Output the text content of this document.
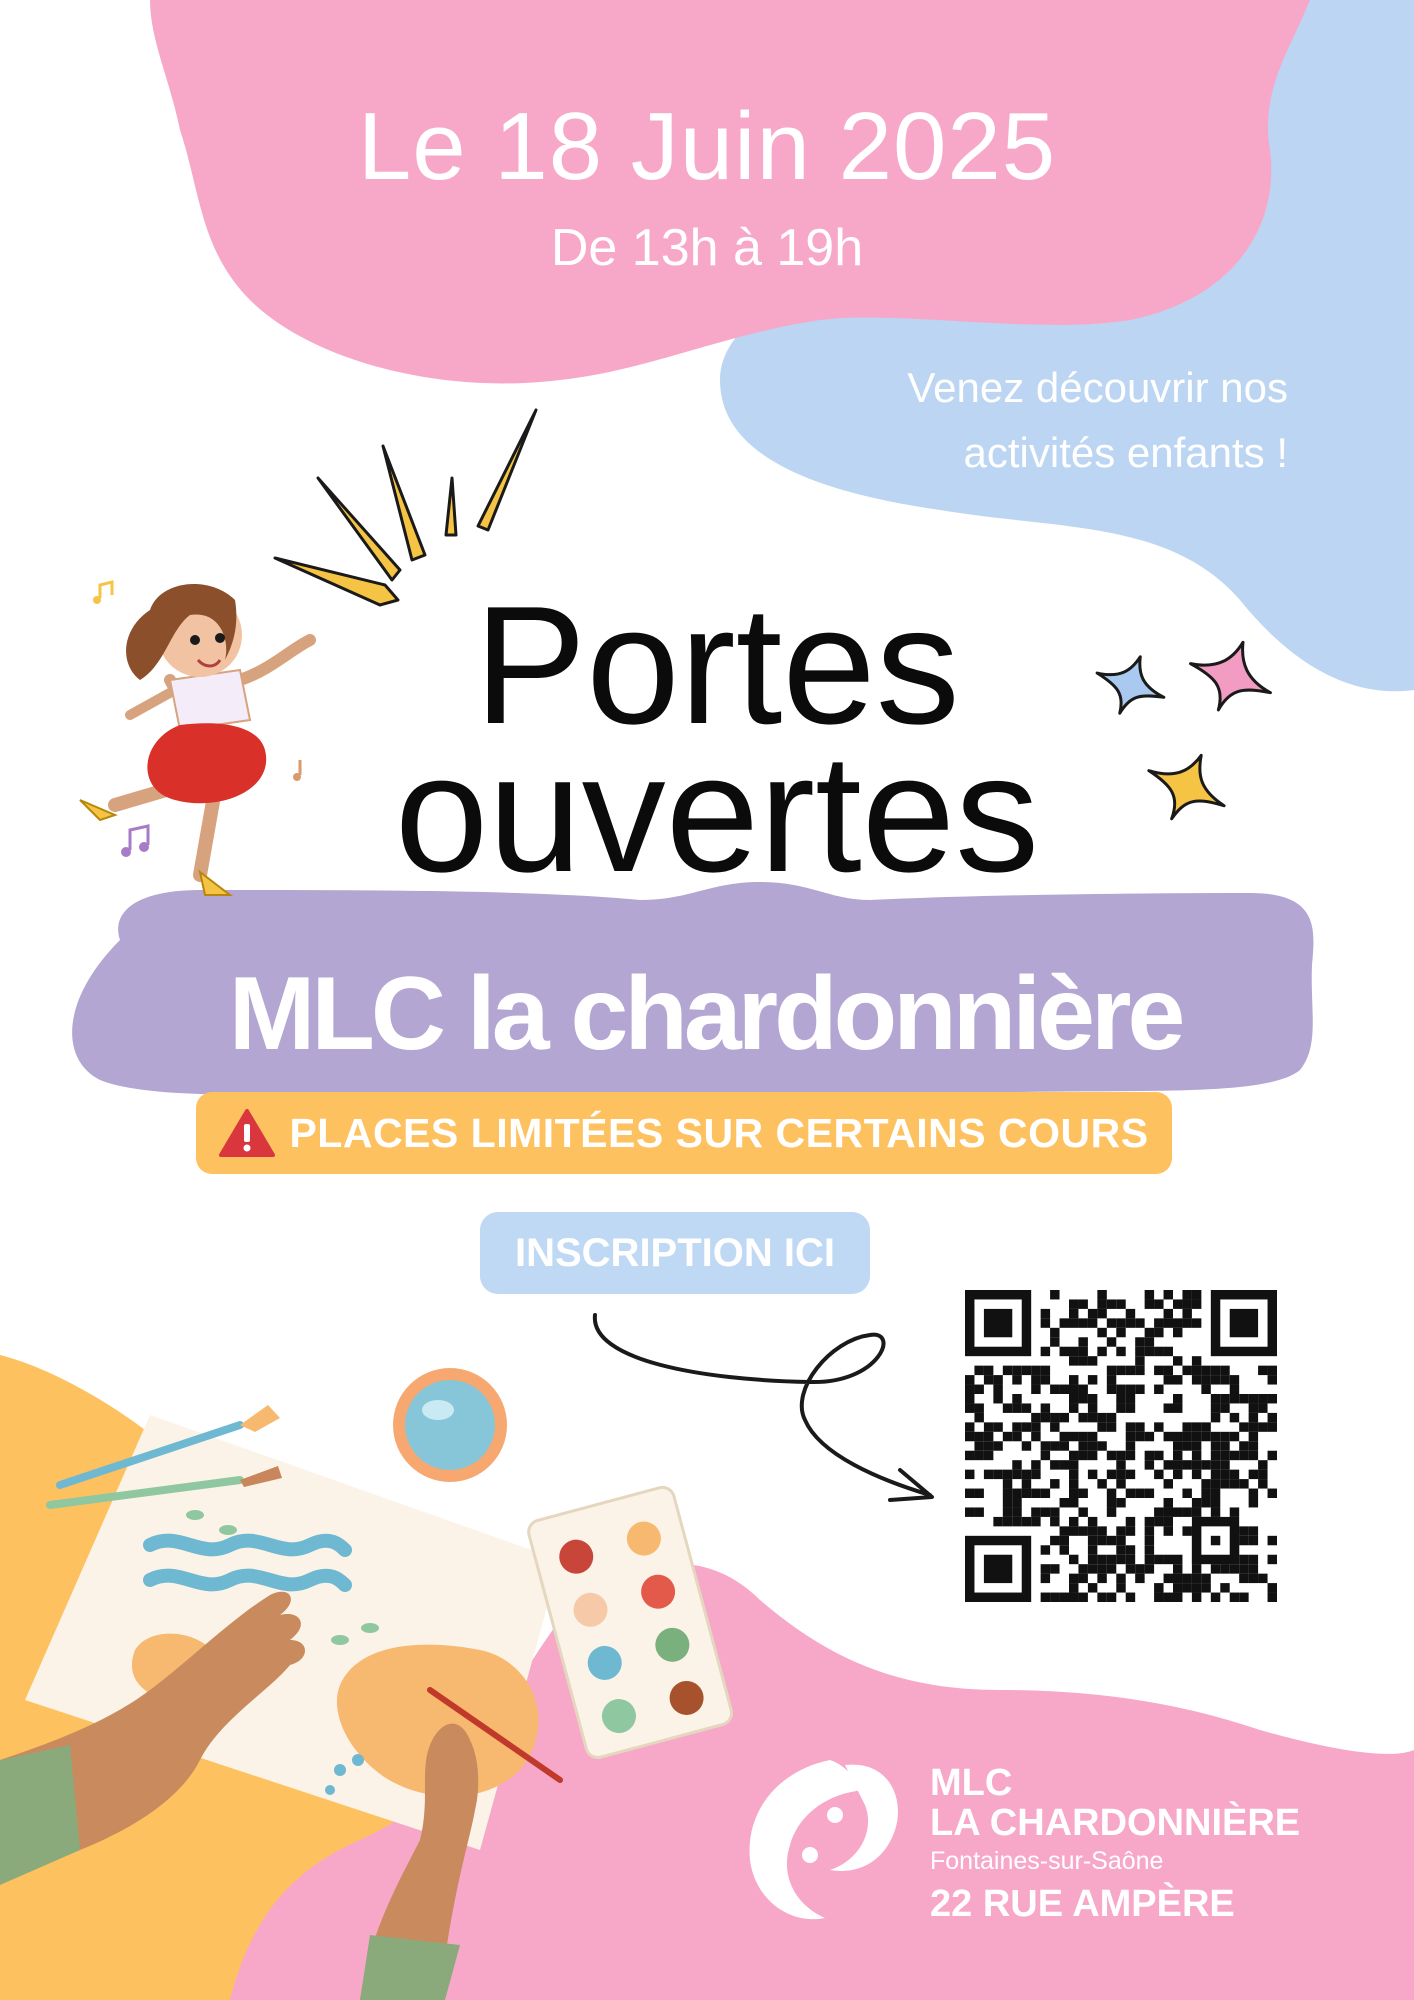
Le 18 Juin 2025

De 13h à 19h

Venez découvrir nos
activités enfants !
Portes
ouvertes

MLC la chardonnière

PLACES LIMITÉES SUR CERTAINS COURS
INSCRIPTION ICI
MLC
LA CHARDONNIÈRE
Fontaines-sur-Saône
22 RUE AMPÈRE
